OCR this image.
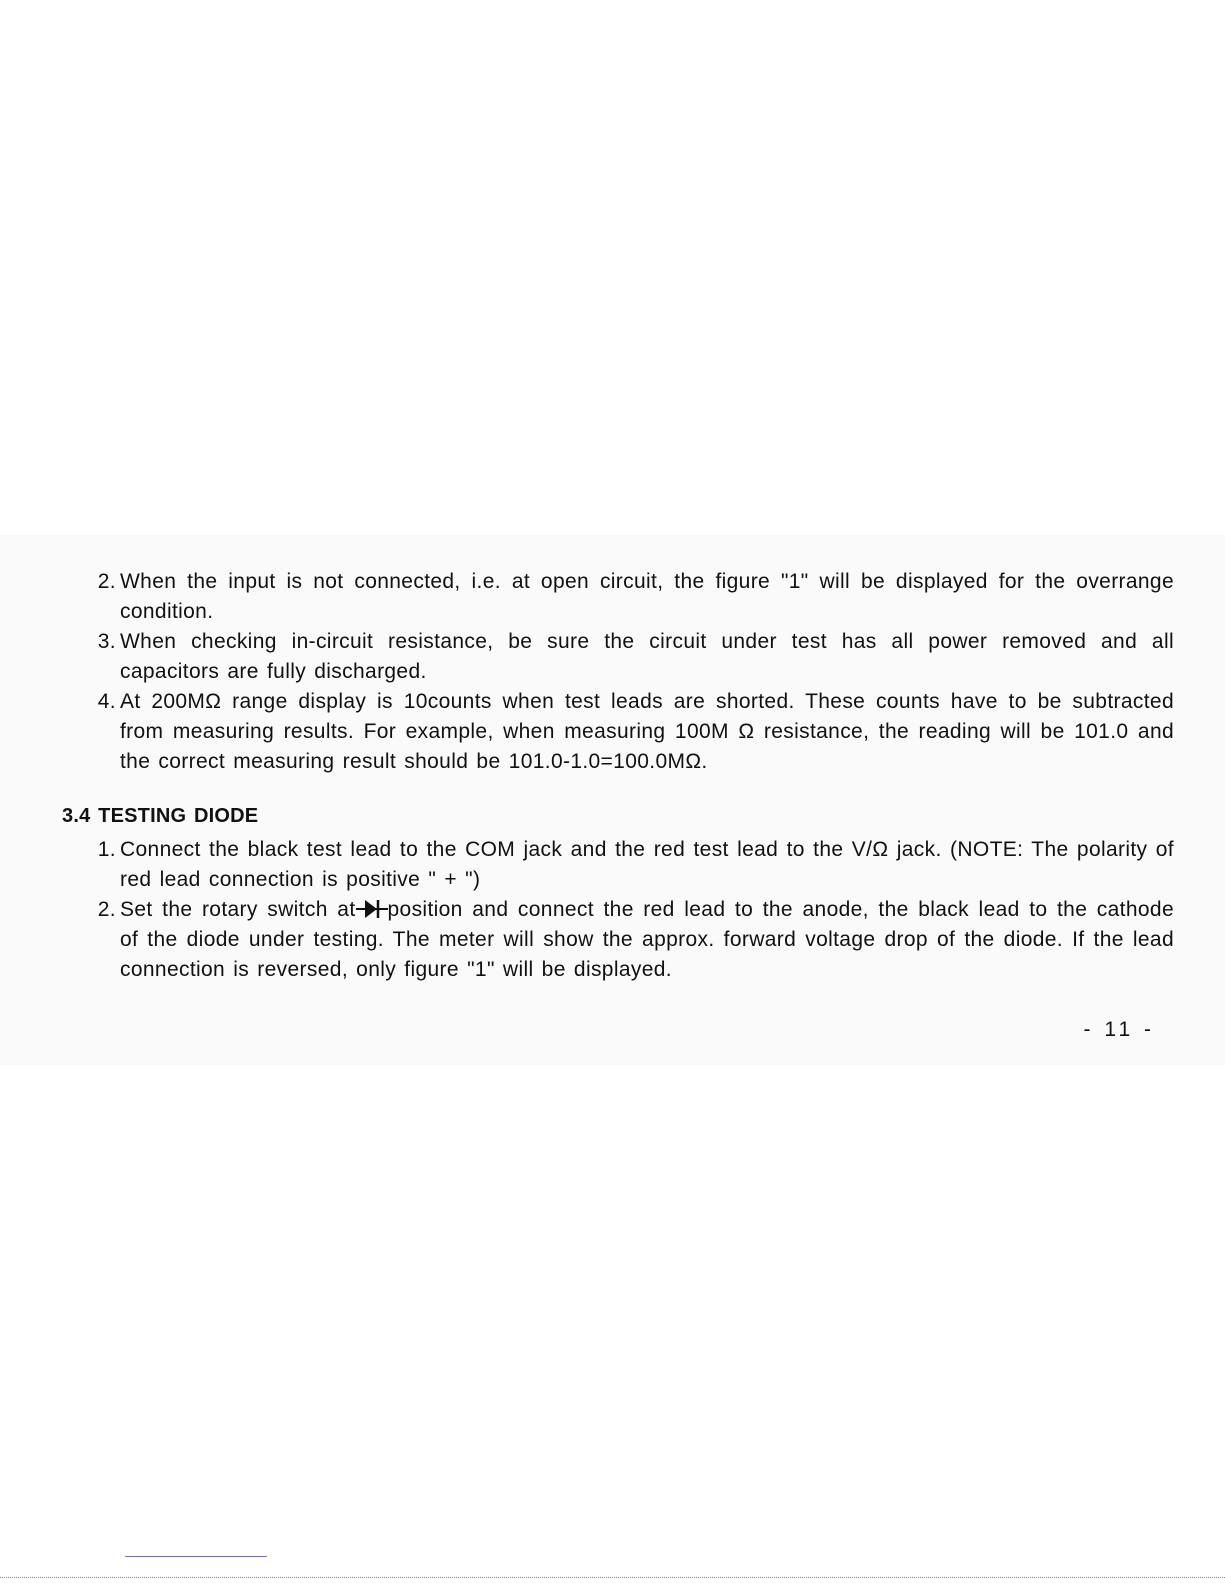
2. When the input is not connected, i.e. at open circuit, the figure "1" will be displayed for the overrange condition.
3. When checking in-circuit resistance, be sure the circuit under test has all power removed and all capacitors are fully discharged.
4. At 200MΩ range display is 10counts when test leads are shorted. These counts have to be subtracted from measuring results. For example, when measuring 100M Ω resistance, the reading will be 101.0 and the correct measuring result should be 101.0-1.0=100.0MΩ.
3.4 TESTING DIODE
1. Connect the black test lead to the COM jack and the red test lead to the V/Ω jack. (NOTE: The polarity of red lead connection is positive " + ")
2. Set the rotary switch at position and connect the red lead to the anode, the black lead to the cathode of the diode under testing. The meter will show the approx. forward voltage drop of the diode. If the lead connection is reversed, only figure "1" will be displayed.
- 11 -
